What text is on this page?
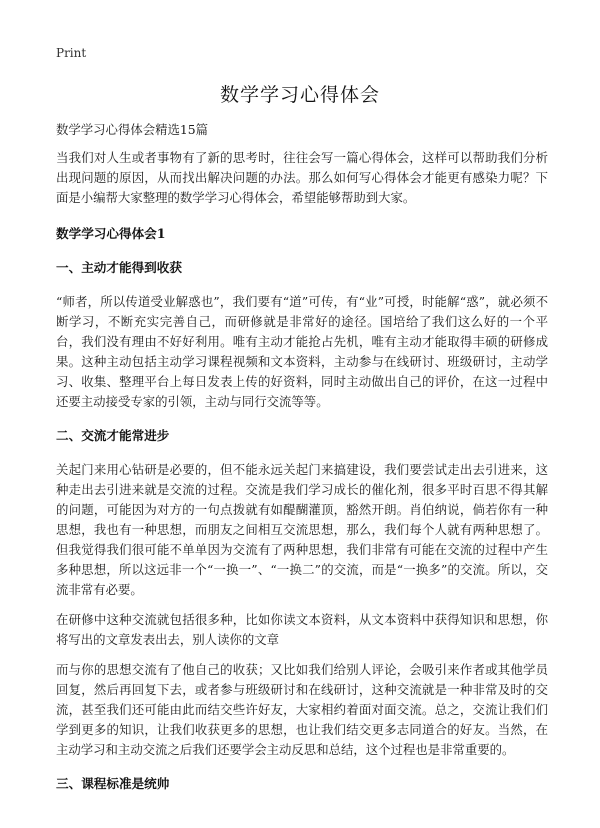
Print
数学学习心得体会

数学学习心得体会精选15篇

当我们对人生或者事物有了新的思考时，往往会写一篇心得体会，这样可以帮助我们分析出现问题的原因，从而找出解决问题的办法。那么如何写心得体会才能更有感染力呢？下面是小编帮大家整理的数学学习心得体会，希望能够帮助到大家。

数学学习心得体会1

一、主动才能得到收获

“师者，所以传道受业解惑也”，我们要有“道”可传，有“业”可授，时能解“惑”，就必须不断学习，不断充实完善自己，而研修就是非常好的途径。国培给了我们这么好的一个平台，我们没有理由不好好利用。唯有主动才能抢占先机，唯有主动才能取得丰硕的研修成果。这种主动包括主动学习课程视频和文本资料，主动参与在线研讨、班级研讨，主动学习、收集、整理平台上每日发表上传的好资料，同时主动做出自己的评价，在这一过程中还要主动接受专家的引领，主动与同行交流等等。

二、交流才能常进步

关起门来用心钻研是必要的，但不能永远关起门来搞建设，我们要尝试走出去引进来，这种走出去引进来就是交流的过程。交流是我们学习成长的催化剂，很多平时百思不得其解的问题，可能因为对方的一句点拨就有如醍醐灌顶，豁然开朗。肖伯纳说，倘若你有一种思想，我也有一种思想，而朋友之间相互交流思想，那么，我们每个人就有两种思想了。但我觉得我们很可能不单单因为交流有了两种思想，我们非常有可能在交流的过程中产生多种思想，所以这远非一个“一换一”、“一换二”的交流，而是“一换多”的交流。所以，交流非常有必要。

在研修中这种交流就包括很多种，比如你读文本资料，从文本资料中获得知识和思想，你将写出的文章发表出去，别人读你的文章

而与你的思想交流有了他自己的收获；又比如我们给别人评论，会吸引来作者或其他学员回复，然后再回复下去，或者参与班级研讨和在线研讨，这种交流就是一种非常及时的交流，甚至我们还可能由此而结交些许好友，大家相约着面对面交流。总之，交流让我们们学到更多的知识，让我们收获更多的思想，也让我们结交更多志同道合的好友。当然，在主动学习和主动交流之后我们还要学会主动反思和总结，这个过程也是非常重要的。

三、课程标准是统帅
